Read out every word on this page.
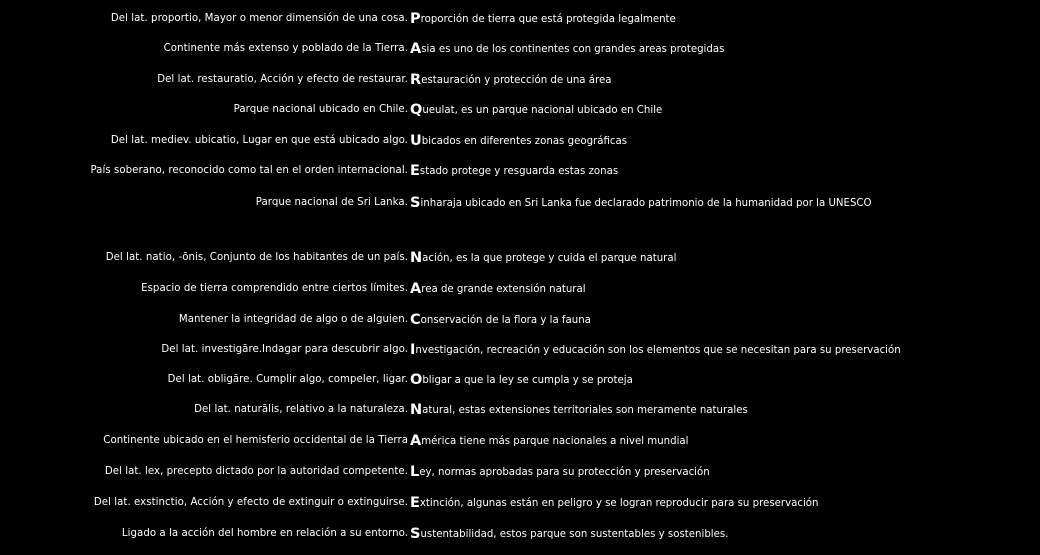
Del lat. proportio, Mayor o menor dimensión de una cosa. Proporción de tierra que está protegida legalmente
Continente más extenso y poblado de la Tierra. Asia es uno de los continentes con grandes areas protegidas
Del lat. restauratio, Acción y efecto de restaurar. Restauración y protección de una área
Parque nacional ubicado en Chile. Queulat, es un parque nacional ubicado en Chile
Del lat. mediev. ubicatio, Lugar en que está ubicado algo. Ubicados en diferentes zonas geográficas
País soberano, reconocido como tal en el orden internacional. Estado protege y resguarda estas zonas
Parque nacional de Sri Lanka. Sinharaja ubicado en Sri Lanka fue declarado patrimonio de la humanidad por la UNESCO
Del lat. natio, -ōnis, Conjunto de los habitantes de un país. Nación, es la que protege y cuida el parque natural
Espacio de tierra comprendido entre ciertos límites. Area de grande extensión natural
Mantener la integridad de algo o de alguien. Conservación de la flora y la fauna
Del lat. investigāre.Indagar para descubrir algo. Investigación, recreación y educación son los elementos que se necesitan para su preservación
Del lat. obligāre. Cumplir algo, compeler, ligar. Obligar a que la ley se cumpla y se proteja
Del lat. naturālis, relativo a la naturaleza. Natural, estas extensiones territoriales son meramente naturales
Continente ubicado en el hemisferio occidental de la Tierra América tiene más parque nacionales a nivel mundial
Del lat. lex, precepto dictado por la autoridad competente. Ley, normas aprobadas para su protección y preservación
Del lat. exstinctio, Acción y efecto de extinguir o extinguirse. Extinción, algunas están en peligro y se logran reproducir para su preservación
Ligado a la acción del hombre en relación a su entorno. Sustentabilidad, estos parque son sustentables y sostenibles.
